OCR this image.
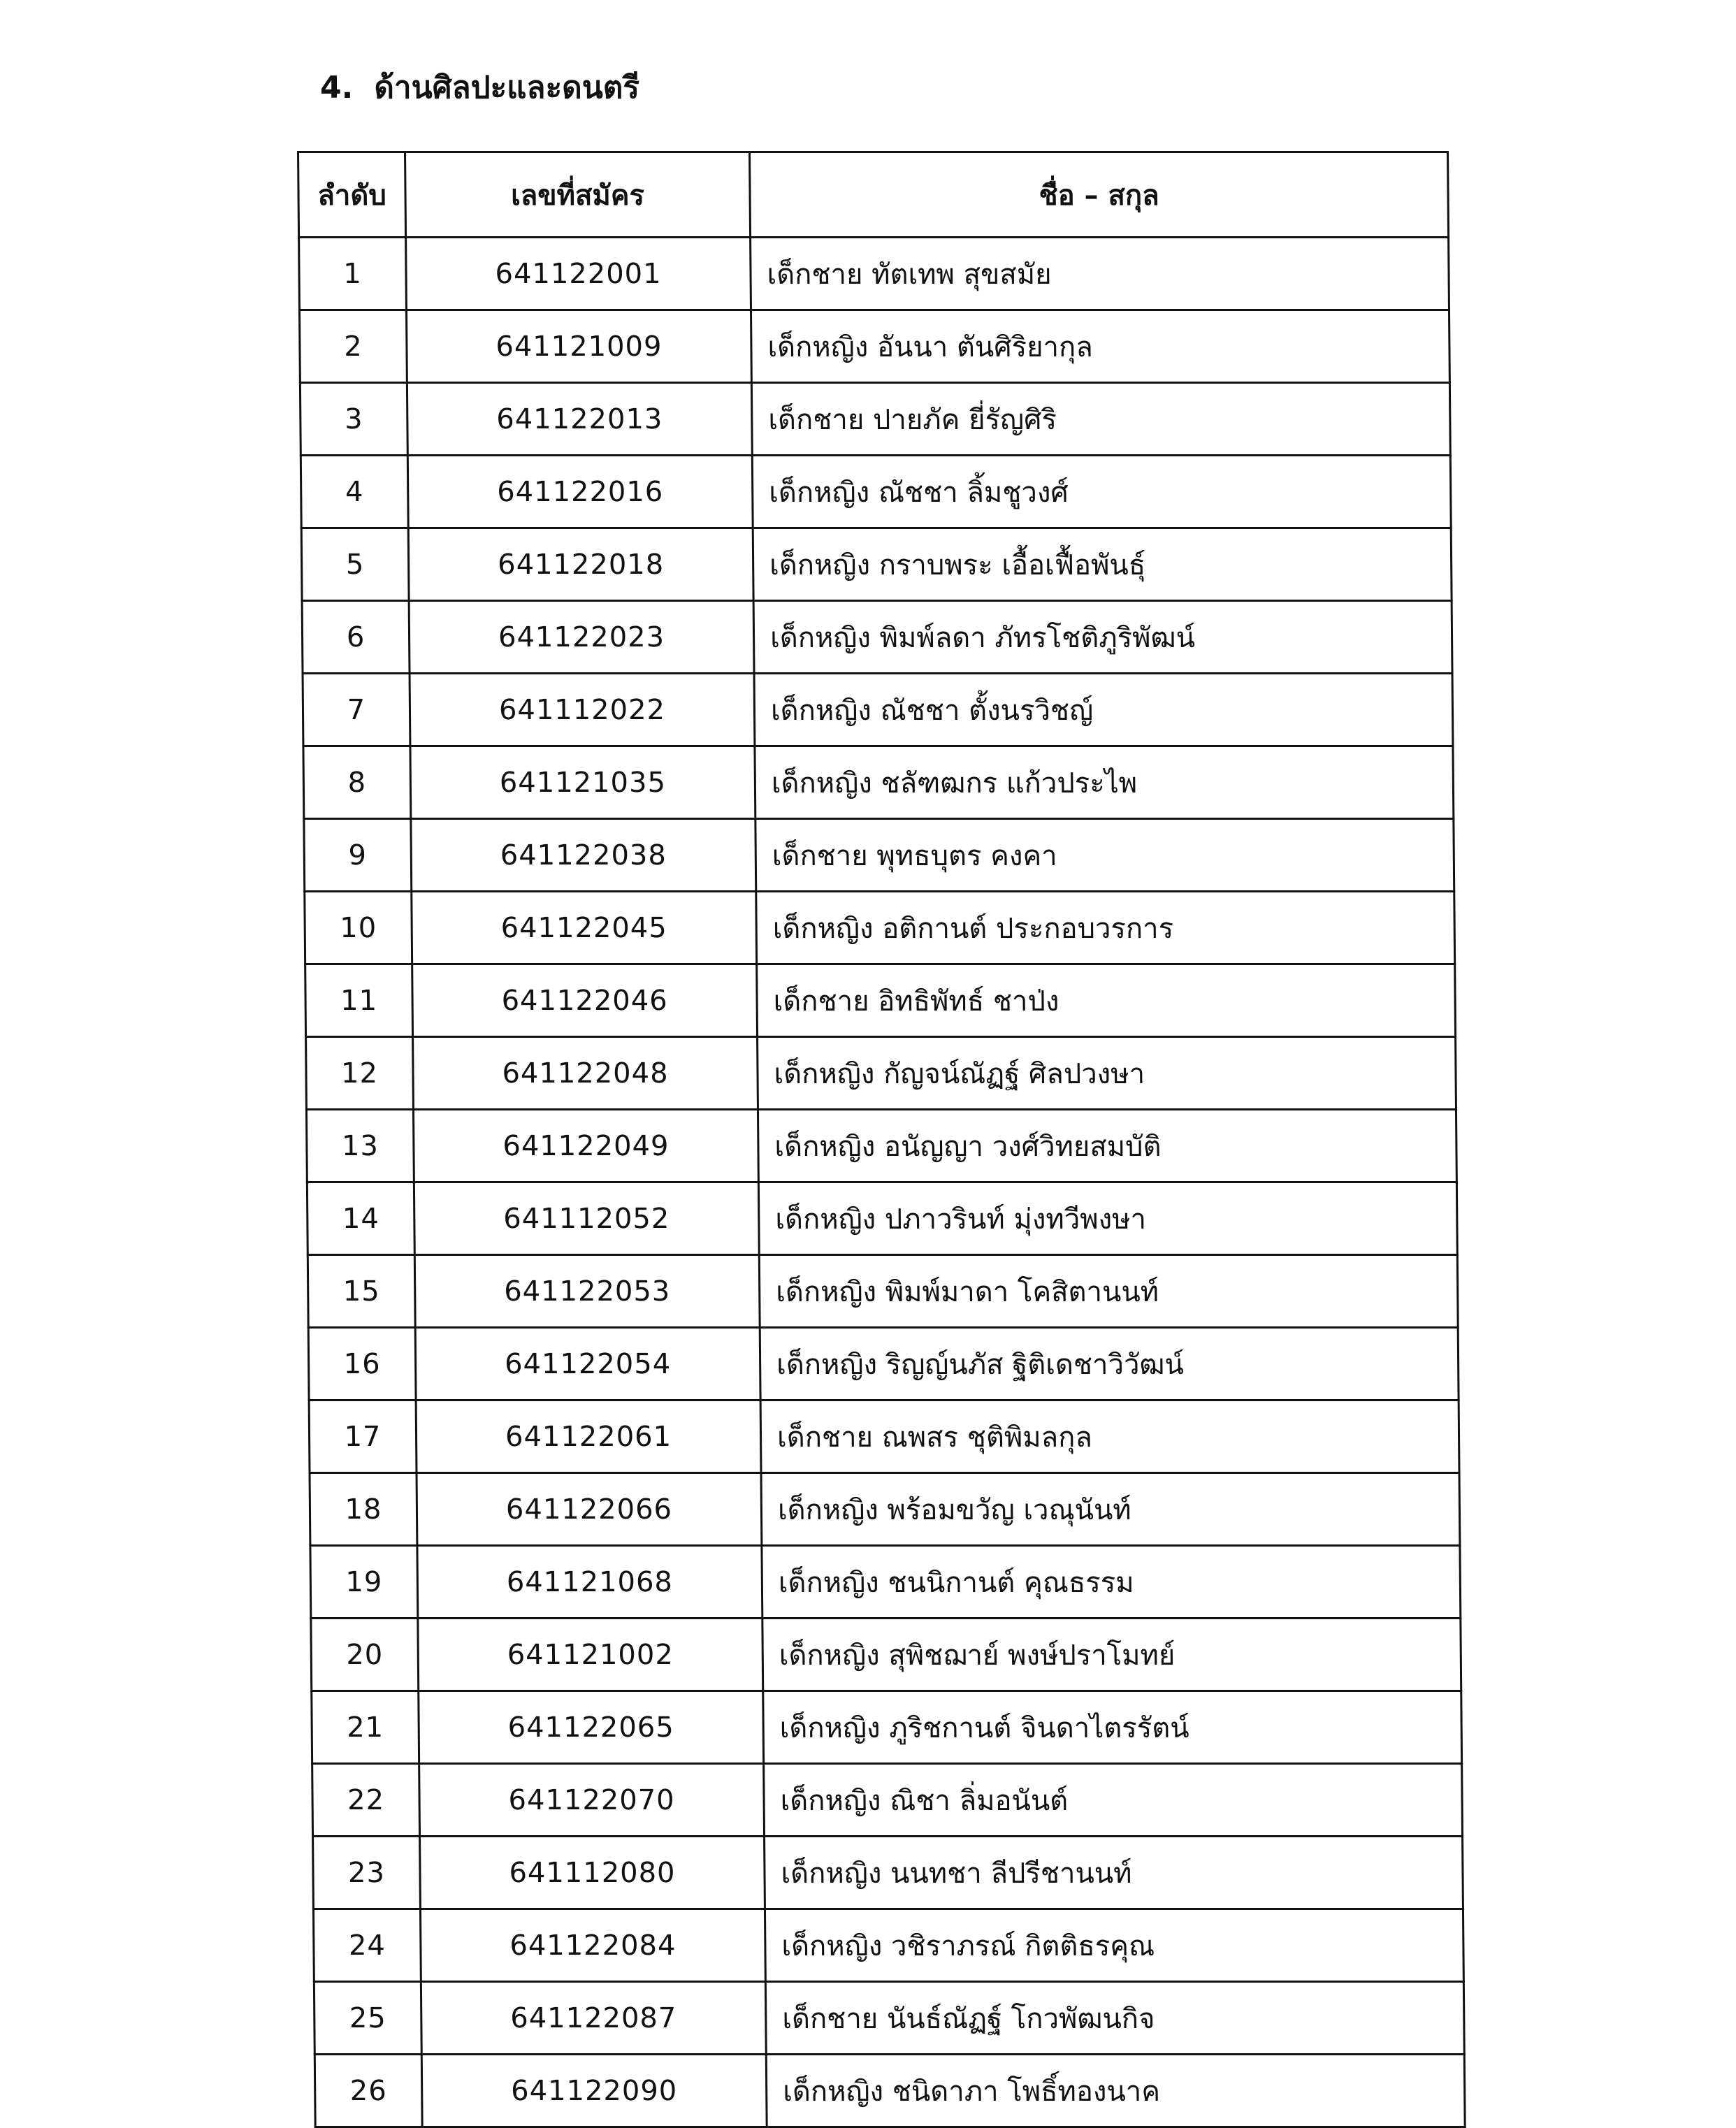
4. ด้านศิลปะและดนตรี
ลำดับ	เลขที่สมัคร	ชื่อ – สกุล
1	641122001	เด็กชาย ทัตเทพ สุขสมัย
2	641121009	เด็กหญิง อันนา ตันศิริยากุล
3	641122013	เด็กชาย ปายภัค ยี่รัญศิริ
4	641122016	เด็กหญิง ณัชชา ลิ้มชูวงศ์
5	641122018	เด็กหญิง กราบพระ เอื้อเฟื้อพันธุ์
6	641122023	เด็กหญิง พิมพ์ลดา ภัทรโชติภูริพัฒน์
7	641112022	เด็กหญิง ณัชชา ตั้งนรวิชญ์
8	641121035	เด็กหญิง ชลัฑฒกร แก้วประไพ
9	641122038	เด็กชาย พุทธบุตร คงคา
10	641122045	เด็กหญิง อติกานต์ ประกอบวรการ
11	641122046	เด็กชาย อิทธิพัทธ์ ชาป่ง
12	641122048	เด็กหญิง กัญจน์ณัฏฐ์ ศิลปวงษา
13	641122049	เด็กหญิง อนัญญา วงศ์วิทยสมบัติ
14	641112052	เด็กหญิง ปภาวรินท์ มุ่งทวีพงษา
15	641122053	เด็กหญิง พิมพ์มาดา โคสิตานนท์
16	641122054	เด็กหญิง ริญญ์นภัส ฐิติเดชาวิวัฒน์
17	641122061	เด็กชาย ณพสร ชุติพิมลกุล
18	641122066	เด็กหญิง พร้อมขวัญ เวณุนันท์
19	641121068	เด็กหญิง ชนนิกานต์ คุณธรรม
20	641121002	เด็กหญิง สุพิชฌาย์ พงษ์ปราโมทย์
21	641122065	เด็กหญิง ภูริชกานต์ จินดาไตรรัตน์
22	641122070	เด็กหญิง ณิชา ลิ่มอนันต์
23	641112080	เด็กหญิง นนทชา ลีปรีชานนท์
24	641122084	เด็กหญิง วชิราภรณ์ กิตติธรคุณ
25	641122087	เด็กชาย นันธ์ณัฏฐ์ โกวพัฒนกิจ
26	641122090	เด็กหญิง ชนิดาภา โพธิ์ทองนาค
